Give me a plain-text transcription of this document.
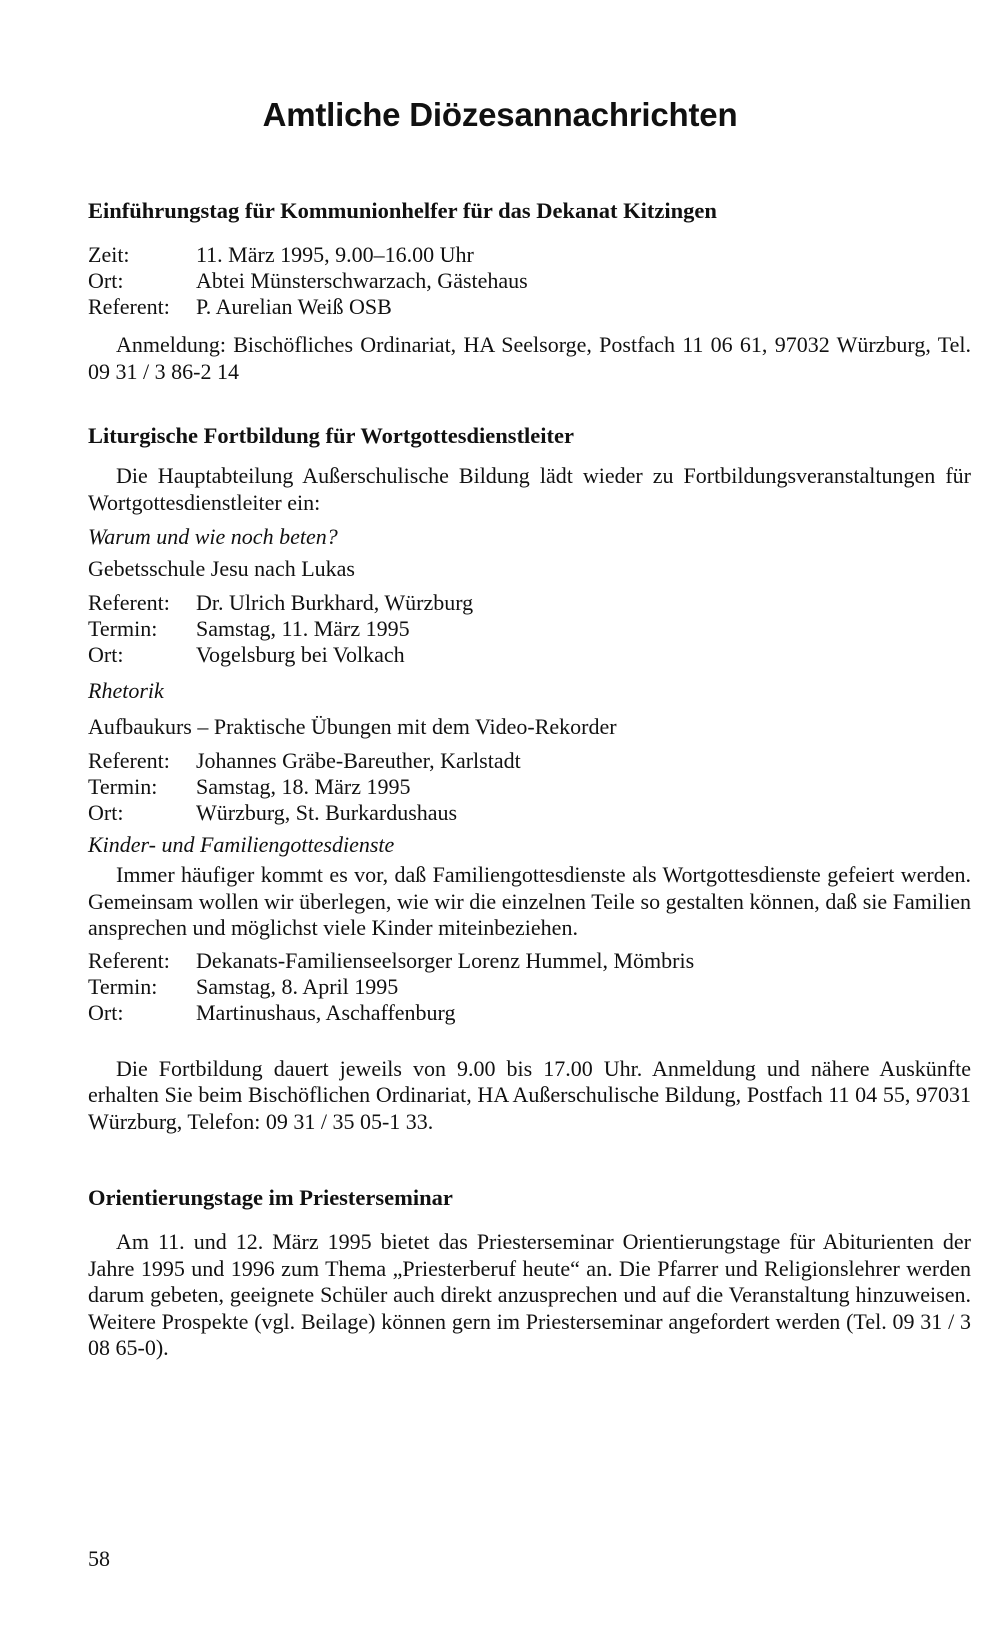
Amtliche Diözesannachrichten
Einführungstag für Kommunionhelfer für das Dekanat Kitzingen
Zeit:	11. März 1995, 9.00–16.00 Uhr
Ort:	Abtei Münsterschwarzach, Gästehaus
Referent:	P. Aurelian Weiß OSB

Anmeldung: Bischöfliches Ordinariat, HA Seelsorge, Postfach 11 06 61, 97032 Würzburg, Tel. 09 31 / 3 86-2 14

Liturgische Fortbildung für Wortgottesdienstleiter

Die Hauptabteilung Außerschulische Bildung lädt wieder zu Fortbildungsveranstaltungen für Wortgottesdienstleiter ein:

Warum und wie noch beten?

Gebetsschule Jesu nach Lukas

Referent:	Dr. Ulrich Burkhard, Würzburg
Termin:	Samstag, 11. März 1995
Ort:	Vogelsburg bei Volkach

Rhetorik

Aufbaukurs – Praktische Übungen mit dem Video-Rekorder

Referent:	Johannes Gräbe-Bareuther, Karlstadt
Termin:	Samstag, 18. März 1995
Ort:	Würzburg, St. Burkardushaus

Kinder- und Familiengottesdienste

Immer häufiger kommt es vor, daß Familiengottesdienste als Wortgottesdienste gefeiert werden. Gemeinsam wollen wir überlegen, wie wir die einzelnen Teile so gestalten können, daß sie Familien ansprechen und möglichst viele Kinder miteinbeziehen.

Referent:	Dekanats-Familienseelsorger Lorenz Hummel, Mömbris
Termin:	Samstag, 8. April 1995
Ort:	Martinushaus, Aschaffenburg

Die Fortbildung dauert jeweils von 9.00 bis 17.00 Uhr. Anmeldung und nähere Auskünfte erhalten Sie beim Bischöflichen Ordinariat, HA Außerschulische Bildung, Postfach 11 04 55, 97031 Würzburg, Telefon: 09 31 / 35 05-1 33.

Orientierungstage im Priesterseminar

Am 11. und 12. März 1995 bietet das Priesterseminar Orientierungstage für Abiturienten der Jahre 1995 und 1996 zum Thema „Priesterberuf heute“ an. Die Pfarrer und Religionslehrer werden darum gebeten, geeignete Schüler auch direkt anzusprechen und auf die Veranstaltung hinzuweisen. Weitere Prospekte (vgl. Beilage) können gern im Priesterseminar angefordert werden (Tel. 09 31 / 3 08 65-0).

58
